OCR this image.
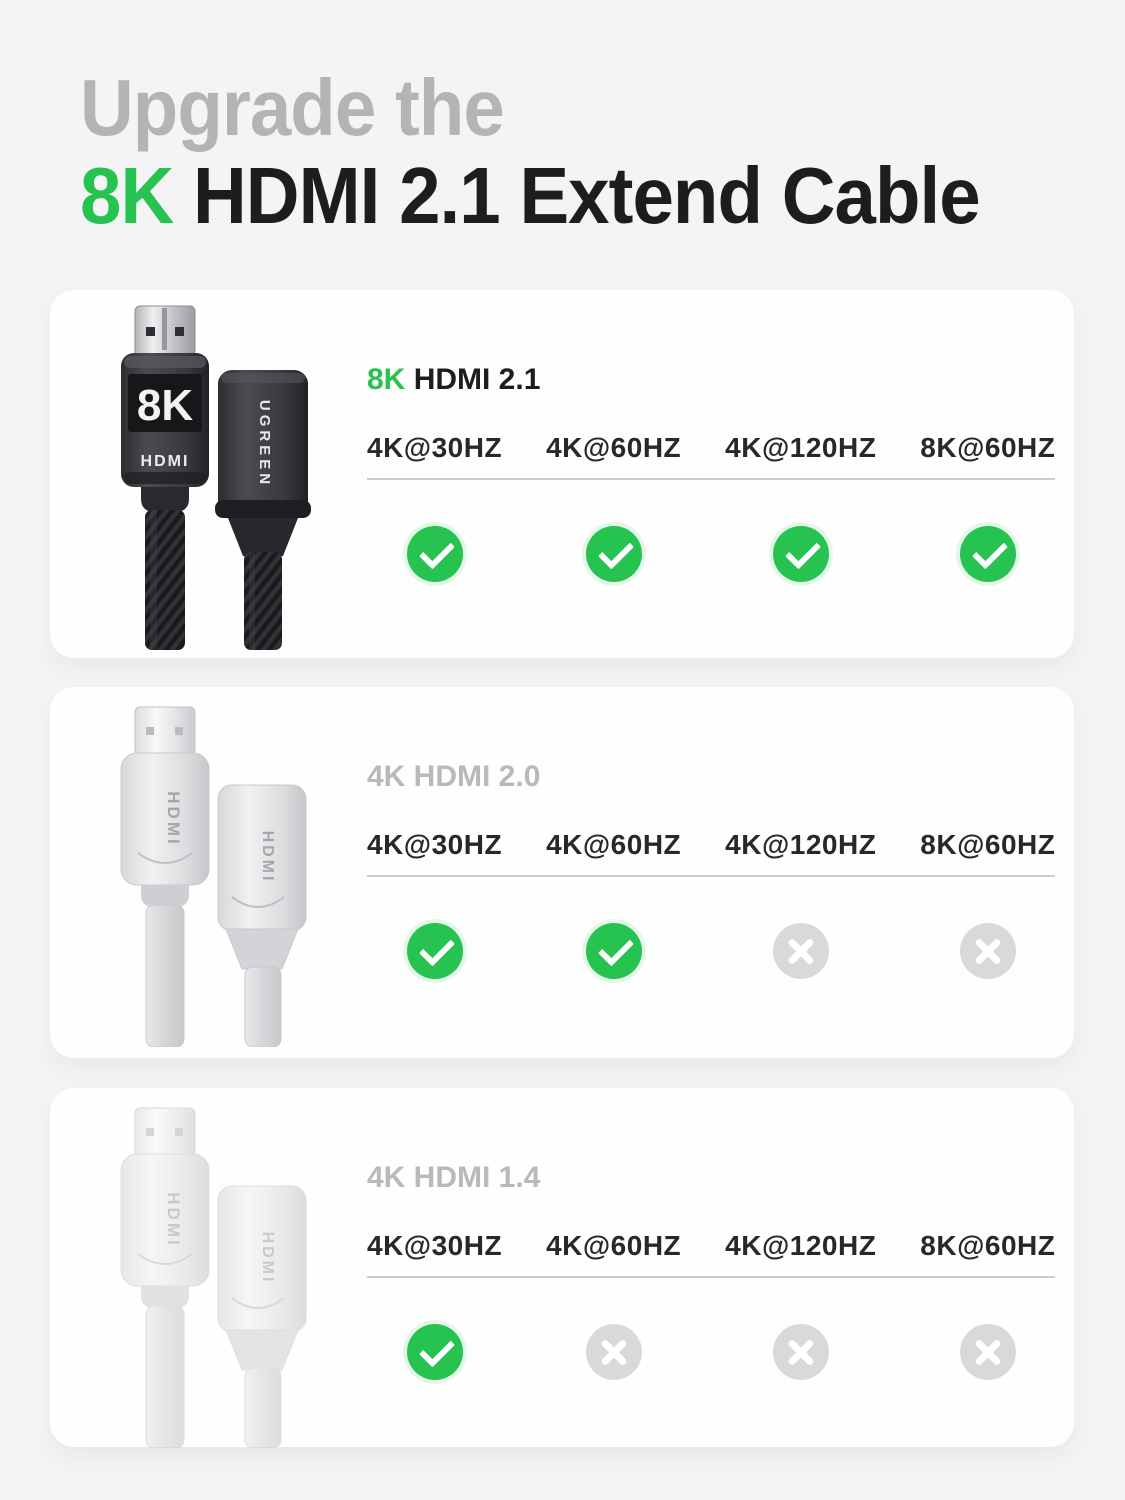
Upgrade the
8K HDMI 2.1 Extend Cable
8K
HDMI	UGREEN
8K HDMI 2.1
4K@30HZ 4K@60HZ 4K@120HZ 8K@60HZ
HDMI
HDMI
4K HDMI 2.0
4K@30HZ 4K@60HZ 4K@120HZ 8K@60HZ
HDMI
HDMI
4K HDMI 1.4
4K@30HZ 4K@60HZ 4K@120HZ 8K@60HZ
